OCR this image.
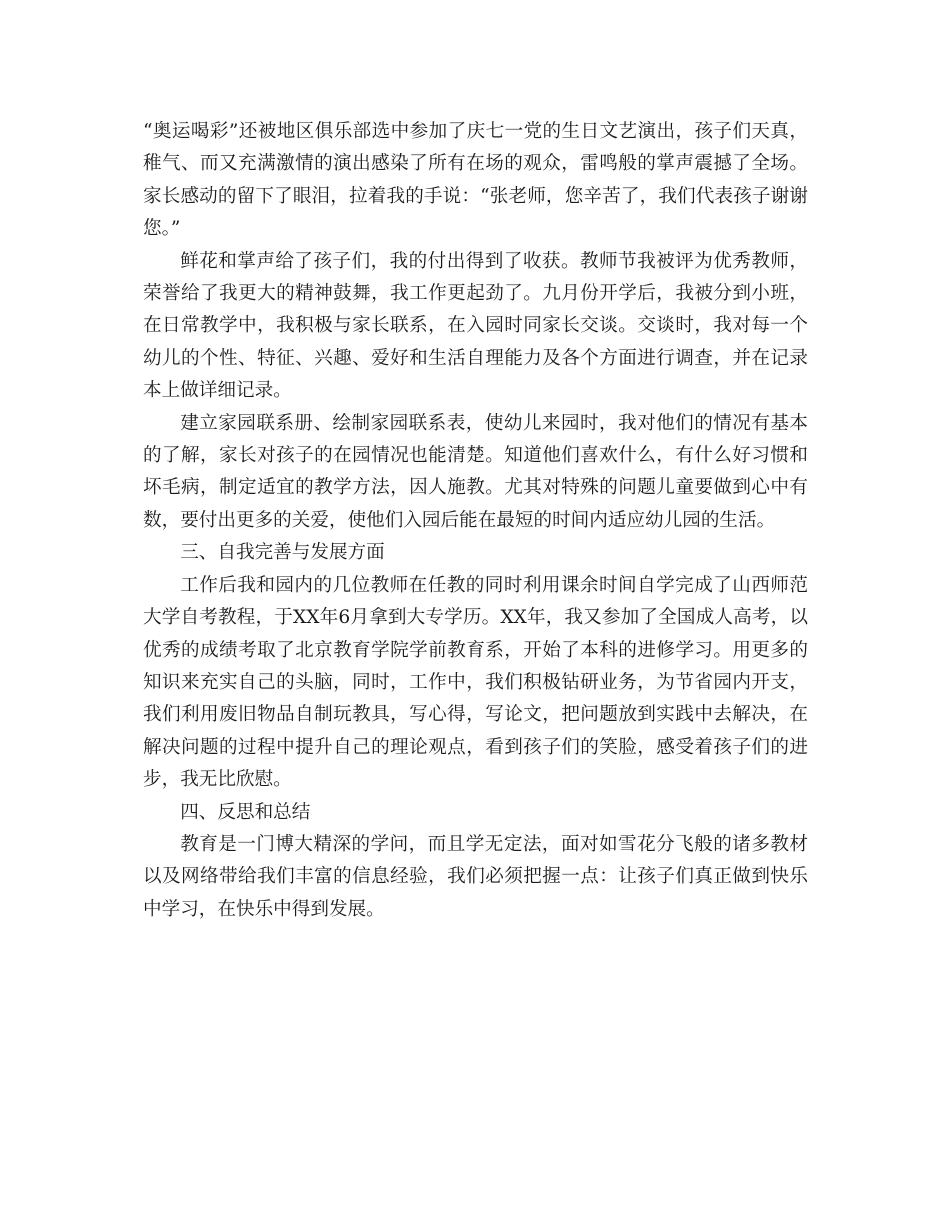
“奥运喝彩”还被地区俱乐部选中参加了庆七一党的生日文艺演出，孩子们天真，稚气、而又充满激情的演出感染了所有在场的观众，雷鸣般的掌声震撼了全场。家长感动的留下了眼泪，拉着我的手说：“张老师，您辛苦了，我们代表孩子谢谢您。”

鲜花和掌声给了孩子们，我的付出得到了收获。教师节我被评为优秀教师，荣誉给了我更大的精神鼓舞，我工作更起劲了。九月份开学后，我被分到小班，在日常教学中，我积极与家长联系，在入园时同家长交谈。交谈时，我对每一个幼儿的个性、特征、兴趣、爱好和生活自理能力及各个方面进行调查，并在记录本上做详细记录。

建立家园联系册、绘制家园联系表，使幼儿来园时，我对他们的情况有基本的了解，家长对孩子的在园情况也能清楚。知道他们喜欢什么，有什么好习惯和坏毛病，制定适宜的教学方法，因人施教。尤其对特殊的问题儿童要做到心中有数，要付出更多的关爱，使他们入园后能在最短的时间内适应幼儿园的生活。

三、自我完善与发展方面

工作后我和园内的几位教师在任教的同时利用课余时间自学完成了山西师范大学自考教程，于XX年6月拿到大专学历。XX年，我又参加了全国成人高考，以优秀的成绩考取了北京教育学院学前教育系，开始了本科的进修学习。用更多的知识来充实自己的头脑，同时，工作中，我们积极钻研业务，为节省园内开支，我们利用废旧物品自制玩教具，写心得，写论文，把问题放到实践中去解决，在解决问题的过程中提升自己的理论观点，看到孩子们的笑脸，感受着孩子们的进步，我无比欣慰。

四、反思和总结

教育是一门博大精深的学问，而且学无定法，面对如雪花分飞般的诸多教材以及网络带给我们丰富的信息经验，我们必须把握一点：让孩子们真正做到快乐中学习，在快乐中得到发展。
